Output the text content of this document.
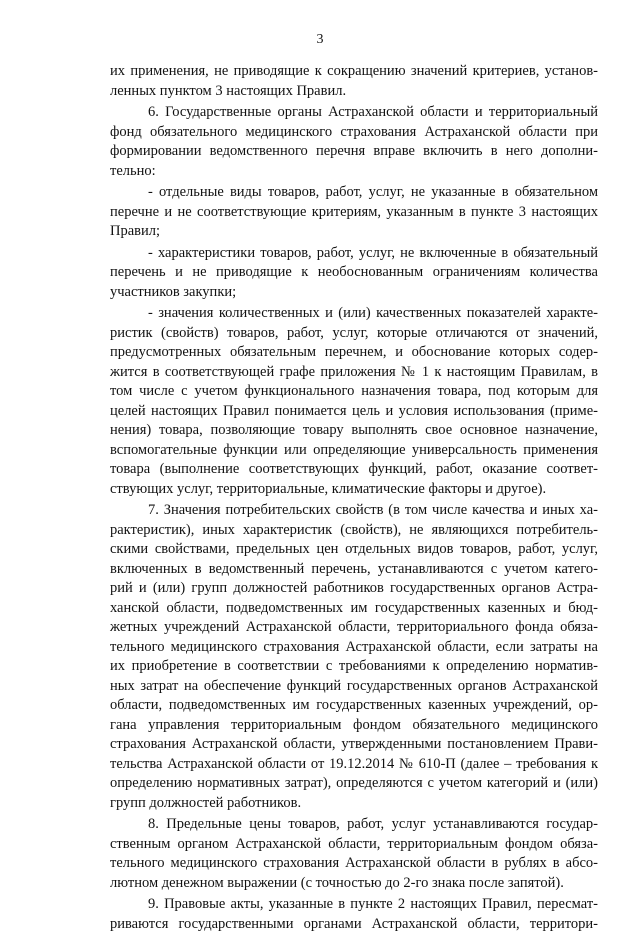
3
их применения, не приводящие к сокращению значений критериев, установ-
ленных пунктом 3 настоящих Правил.
6. Государственные органы Астраханской области и территориальный
фонд обязательного медицинского страхования Астраханской области при
формировании ведомственного перечня вправе включить в него дополни-
тельно:
- отдельные виды товаров, работ, услуг, не указанные в обязательном
перечне и не соответствующие критериям, указанным в пункте 3 настоящих
Правил;
- характеристики товаров, работ, услуг, не включенные в обязательный
перечень и не приводящие к необоснованным ограничениям количества
участников закупки;
- значения количественных и (или) качественных показателей характе-
ристик (свойств) товаров, работ, услуг, которые отличаются от значений,
предусмотренных обязательным перечнем, и обоснование которых содер-
жится в соответствующей графе приложения № 1 к настоящим Правилам, в
том числе с учетом функционального назначения товара, под которым для
целей настоящих Правил понимается цель и условия использования (приме-
нения) товара, позволяющие товару выполнять свое основное назначение,
вспомогательные функции или определяющие универсальность применения
товара (выполнение соответствующих функций, работ, оказание соответ-
ствующих услуг, территориальные, климатические факторы и другое).
7. Значения потребительских свойств (в том числе качества и иных ха-
рактеристик), иных характеристик (свойств), не являющихся потребитель-
скими свойствами, предельных цен отдельных видов товаров, работ, услуг,
включенных в ведомственный перечень, устанавливаются с учетом катего-
рий и (или) групп должностей работников государственных органов Астра-
ханской области, подведомственных им государственных казенных и бюд-
жетных учреждений Астраханской области, территориального фонда обяза-
тельного медицинского страхования Астраханской области, если затраты на
их приобретение в соответствии с требованиями к определению норматив-
ных затрат на обеспечение функций государственных органов Астраханской
области, подведомственных им государственных казенных учреждений, ор-
гана управления территориальным фондом обязательного медицинского
страхования Астраханской области, утвержденными постановлением Прави-
тельства Астраханской области от 19.12.2014 № 610-П (далее – требования к
определению нормативных затрат), определяются с учетом категорий и (или)
групп должностей работников.
8. Предельные цены товаров, работ, услуг устанавливаются государ-
ственным органом Астраханской области, территориальным фондом обяза-
тельного медицинского страхования Астраханской области в рублях в абсо-
лютном денежном выражении (с точностью до 2-го знака после запятой).
9. Правовые акты, указанные в пункте 2 настоящих Правил, пересмат-
риваются государственными органами Астраханской области, территори-
